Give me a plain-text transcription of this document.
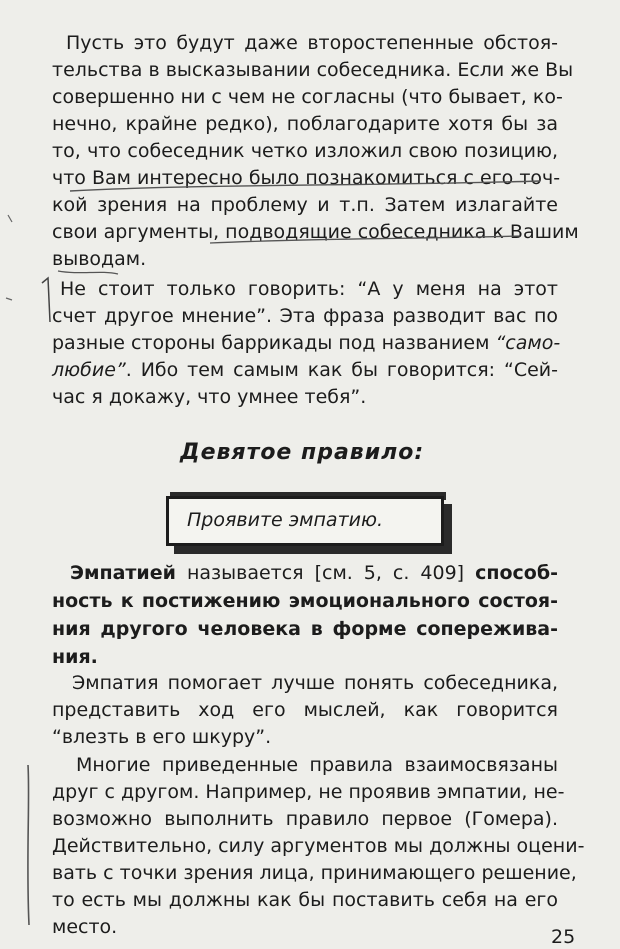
Пусть это будут даже второстепенные обстоя-
тельства в высказывании собеседника. Если же Вы
совершенно ни с чем не согласны (что бывает, ко-
нечно, крайне редко), поблагодарите хотя бы за
то, что собеседник четко изложил свою позицию,
что Вам интересно было познакомиться с его точ-
кой зрения на проблему и т.п. Затем излагайте
свои аргументы, подводящие собеседника к Вашим
выводам.
Не стоит только говорить: “А у меня на этот
счет другое мнение”. Эта фраза разводит вас по
разные стороны баррикады под названием “само-
любие”. Ибо тем самым как бы говорится: “Сей-
час я докажу, что умнее тебя”.
Девятое правило:
Проявите эмпатию.
Эмпатией называется [см. 5, с. 409] способ-
ность к постижению эмоционального состоя-
ния другого человека в форме сопережива-
ния.
Эмпатия помогает лучше понять собеседника,
представить ход его мыслей, как говорится
“влезть в его шкуру”.
Многие приведенные правила взаимосвязаны
друг с другом. Например, не проявив эмпатии, не-
возможно выполнить правило первое (Гомера).
Действительно, силу аргументов мы должны оцени-
вать с точки зрения лица, принимающего решение,
то есть мы должны как бы поставить себя на его
место.	25
